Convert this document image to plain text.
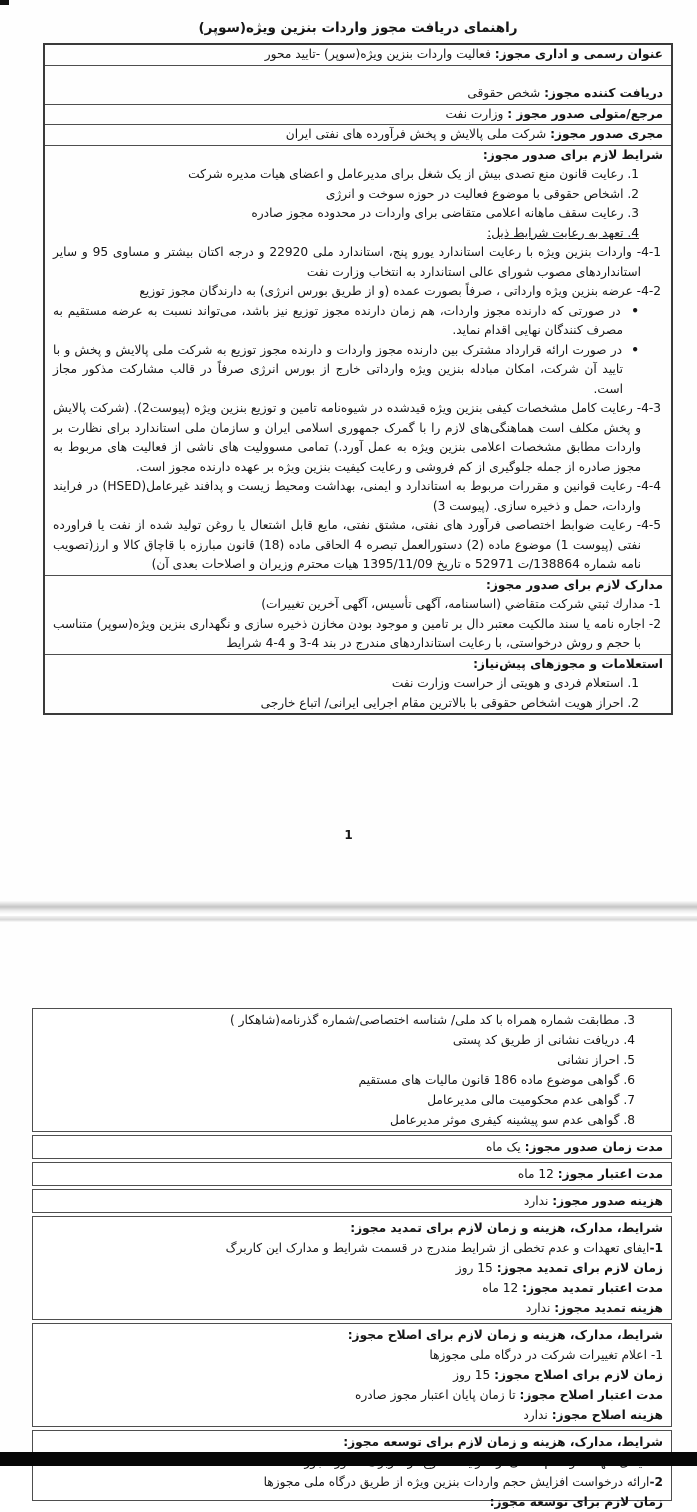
راهنمای دریافت مجوز واردات بنزین ویژه(سوپر)
عنوان رسمی و اداری مجوز: فعالیت واردات بنزین ویژه(سوپر) -تایید محور
دریافت کننده مجوز: شخص حقوقی
مرجع/متولی صدور مجوز : وزارت نفت
مجری صدور مجوز: شرکت ملی پالایش و پخش فرآورده های نفتی ایران
شرایط لازم برای صدور مجوز:
1. رعایت قانون منع تصدی بیش از یک شغل برای مدیرعامل و اعضای هیات مدیره شرکت
2. اشخاص حقوقی با موضوع فعالیت در حوزه سوخت و انرژی
3. رعایت سقف ماهانه اعلامی متقاضی برای واردات در محدوده مجوز صادره
4. تعهد به رعایت شرایط ذیل:
4-1- واردات بنزین ویژه با رعایت استاندارد یورو پنج، استاندارد ملی 22920 و درجه اکتان بیشتر و مساوی 95 و سایر استانداردهای مصوب شورای عالی استاندارد به انتخاب وزارت نفت
4-2- عرضه بنزین ویژه وارداتی ، صرفاً بصورت عمده (و از طریق بورس انرژی) به دارندگان مجوز توزیع
•  در صورتی که دارنده مجوز واردات، هم زمان دارنده مجوز توزیع نیز باشد، می‌تواند نسبت به عرضه مستقیم به مصرف کنندگان نهایی اقدام نماید.
•  در صورت ارائه قرارداد مشترک بین دارنده مجوز واردات و دارنده مجوز توزیع به شرکت ملی پالایش و پخش و با تایید آن شرکت، امکان مبادله بنزین ویژه وارداتی خارج از بورس انرژی صرفاً در قالب مشارکت مذکور مجاز است.
4-3- رعایت کامل مشخصات کیفی بنزین ویژه قیدشده در شیوه‌نامه تامین و توزیع بنزین ویژه (پیوست2). (شرکت پالایش و پخش مکلف است هماهنگی‌های لازم را با گمرک جمهوری اسلامی ایران و سازمان ملی استاندارد برای نظارت بر واردات مطابق مشخصات اعلامی بنزین ویژه به عمل آورد.) تمامی مسوولیت های ناشی از فعالیت های مربوط به مجوز صادره از جمله جلوگیری از کم فروشی و رعایت کیفیت بنزین ویژه بر عهده دارنده مجوز است.
4-4- رعایت قوانین و مقررات مربوط به استاندارد و ایمنی، بهداشت ومحیط زیست و پدافند غیرعامل(HSED) در فرایند واردات، حمل و ذخیره سازی. (پیوست 3)
4-5- رعایت ضوابط اختصاصی فرآورد های نفتی، مشتق نفتی، مایع قابل اشتعال یا روغن تولید شده از نفت یا فراورده نفتی (پیوست 1) موضوع ماده (2) دستورالعمل تبصره 4 الحاقی ماده (18) قانون مبارزه با قاچاق کالا و ارز(تصویب نامه شماره 138864/ت 52971 ه تاریخ 1395/11/09 هیات محترم وزیران و اصلاحات بعدی آن)
مدارک لازم برای صدور مجوز:
1- مدارك ثبتي شركت متقاضي (اساسنامه، آگهی تأسیس، آگهی آخرین تغییرات)
2- اجاره نامه یا سند مالکیت معتبر دال بر تامین و موجود بودن مخازن ذخیره سازی و نگهداری بنزین ویژه(سوپر) متناسب با حجم و روش درخواستی، با رعایت استانداردهای مندرج در بند 4-3 و 4-4 شرایط
استعلامات و مجوزهای پیش‌نیاز:
1. استعلام فردی و هویتی از حراست وزارت نفت
2. احراز هویت اشخاص حقوقی با بالاترین مقام اجرایی ایرانی/ اتباع خارجی
1
3. مطابقت شماره همراه با کد ملی/ شناسه اختصاصی/شماره گذرنامه(شاهکار )
4. دریافت نشانی از طریق کد پستی
5. احراز نشانی
6. گواهی موضوع ماده 186 قانون مالیات های مستقیم
7. گواهی عدم محکومیت مالی مدیرعامل
8. گواهی عدم سو پیشینه کیفری موثر مدیرعامل
مدت زمان صدور مجوز: یک ماه
مدت اعتبار مجوز: 12 ماه
هزینه صدور مجوز: ندارد
شرایط، مدارک، هزینه و زمان لازم برای تمدید مجوز:
1-ایفای تعهدات و عدم تخطی از شرایط مندرج در قسمت شرایط و مدارک این کاربرگ
زمان لازم برای تمدید مجوز: 15 روز
مدت اعتبار تمدید مجوز: 12 ماه
هزینه تمدید مجوز: ندارد
شرایط، مدارک، هزینه و زمان لازم برای اصلاح مجوز:
1- اعلام تغییرات شرکت در درگاه ملی مجوزها
زمان لازم برای اصلاح مجوز: 15 روز
مدت اعتبار اصلاح مجوز: تا زمان پایان اعتبار مجوز صادره
هزینه اصلاح مجوز: ندارد
شرایط، مدارک، هزینه و زمان لازم برای توسعه مجوز:
2-ارائه درخواست افزایش حجم واردات بنزین ویژه از طریق درگاه ملی مجوزها
زمان لازم برای توسعه مجوز:
